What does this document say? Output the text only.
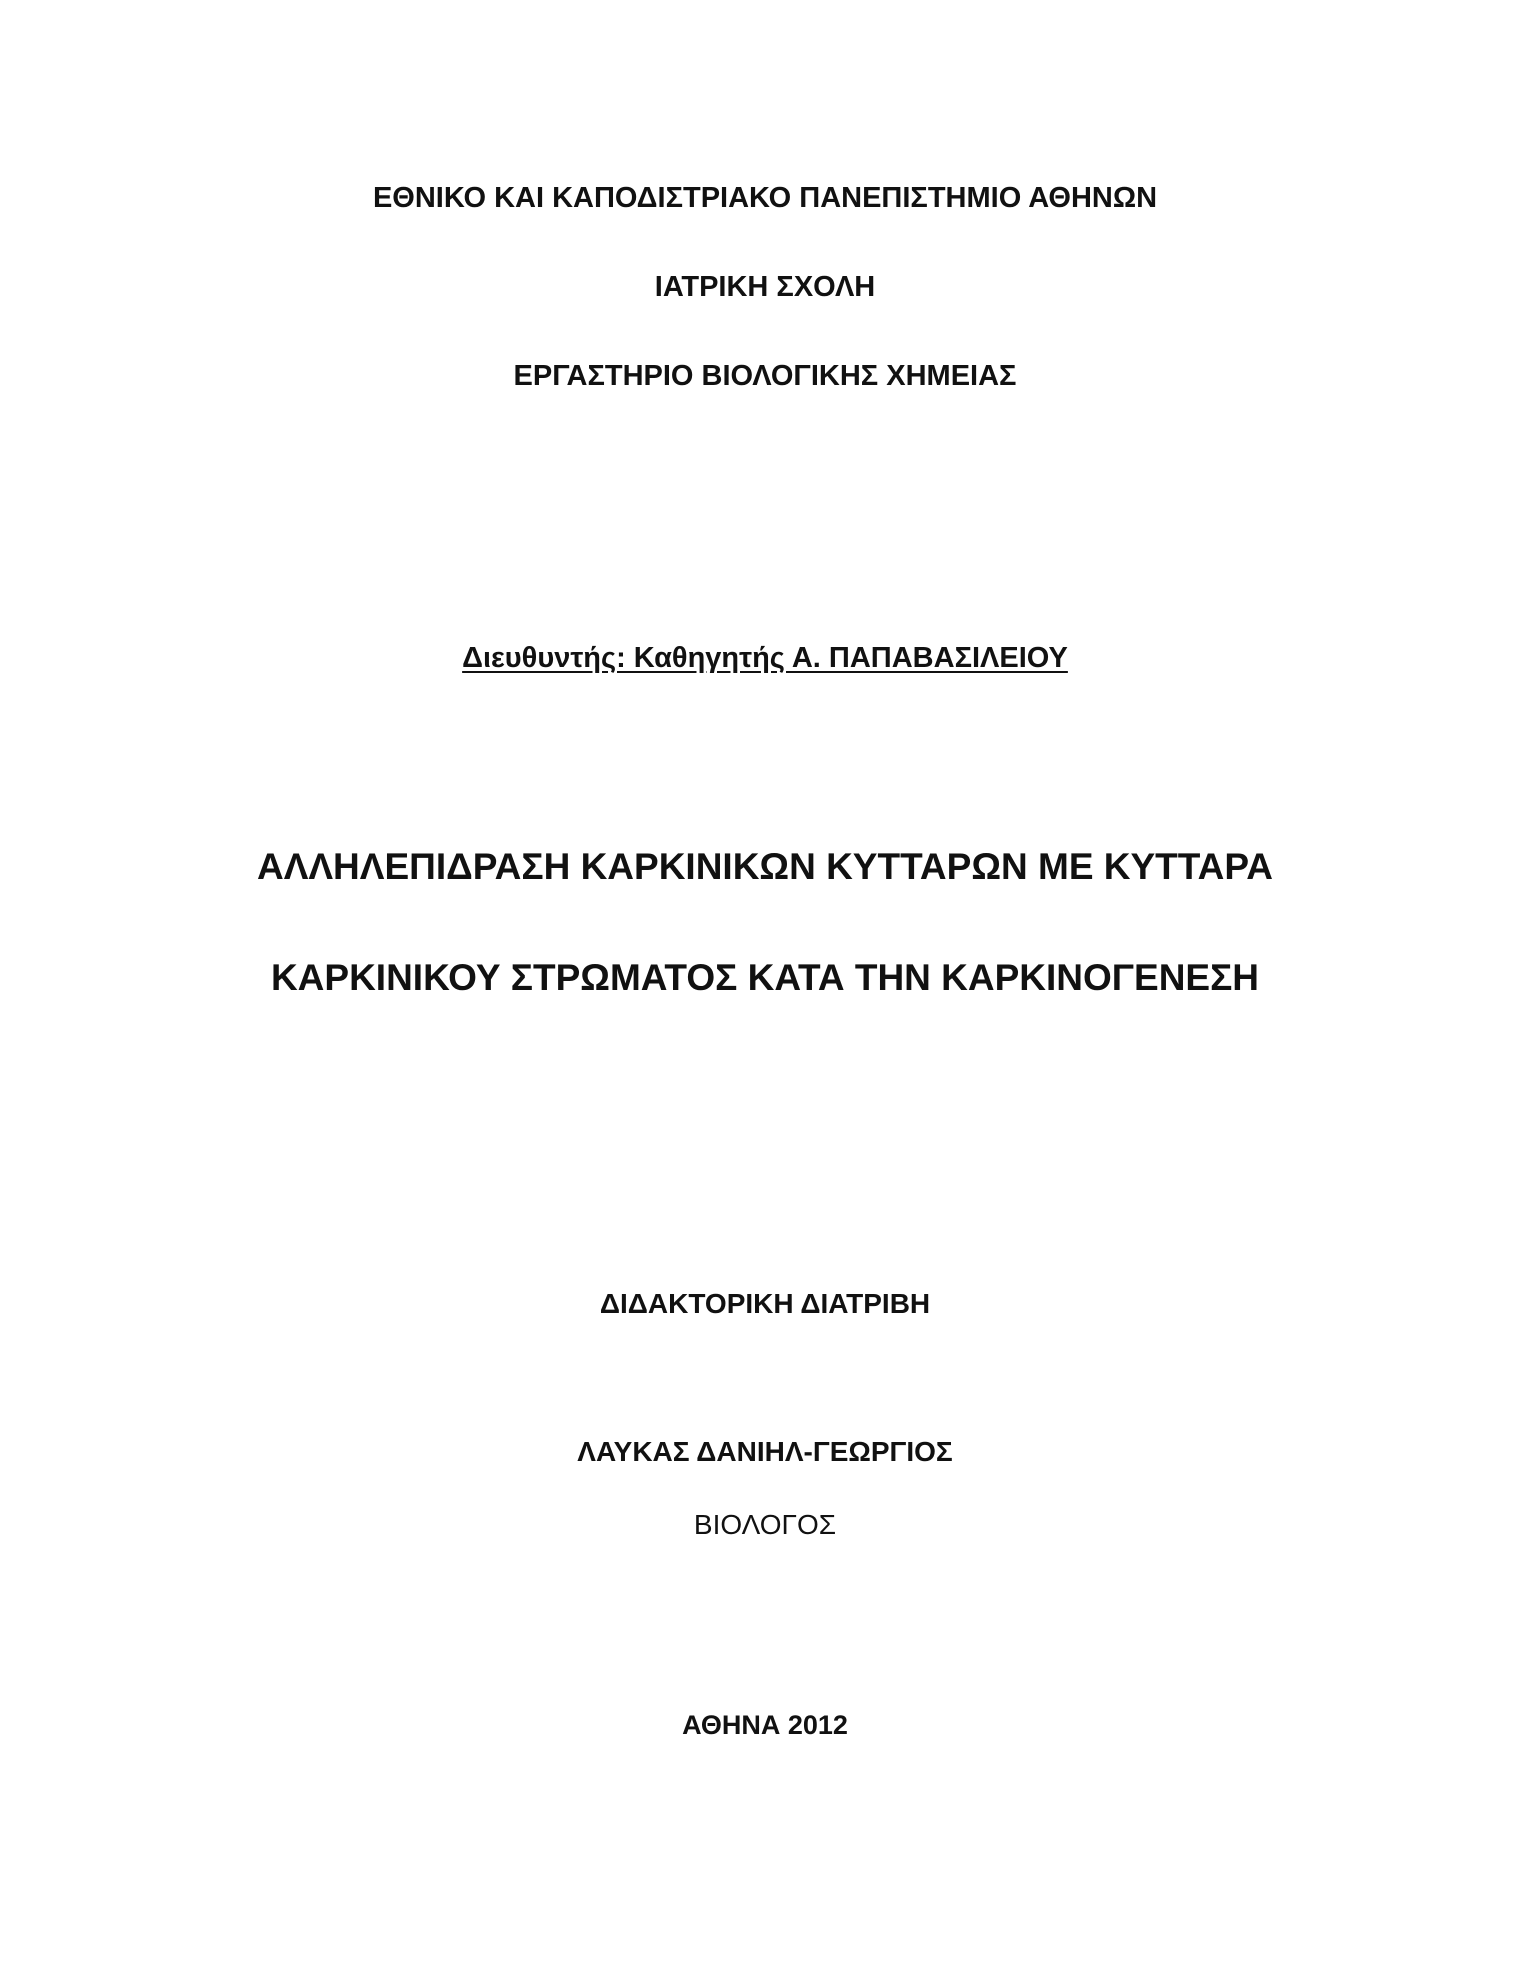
ΕΘΝΙΚΟ ΚΑΙ ΚΑΠΟΔΙΣΤΡΙΑΚΟ ΠΑΝΕΠΙΣΤΗΜΙΟ ΑΘΗΝΩΝ
ΙΑΤΡΙΚΗ ΣΧΟΛΗ
ΕΡΓΑΣΤΗΡΙΟ ΒΙΟΛΟΓΙΚΗΣ ΧΗΜΕΙΑΣ
Διευθυντής: Καθηγητής Α. ΠΑΠΑΒΑΣΙΛΕΙΟΥ
ΑΛΛΗΛΕΠΙΔΡΑΣΗ ΚΑΡΚΙΝΙΚΩΝ ΚΥΤΤΑΡΩΝ ΜΕ ΚΥΤΤΑΡΑ
ΚΑΡΚΙΝΙΚΟΥ ΣΤΡΩΜΑΤΟΣ ΚΑΤΑ ΤΗΝ ΚΑΡΚΙΝΟΓΕΝΕΣΗ
ΔΙΔΑΚΤΟΡΙΚΗ ΔΙΑΤΡΙΒΗ
ΛΑΥΚΑΣ ΔΑΝΙΗΛ-ΓΕΩΡΓΙΟΣ
ΒΙΟΛΟΓΟΣ
ΑΘΗΝΑ 2012
